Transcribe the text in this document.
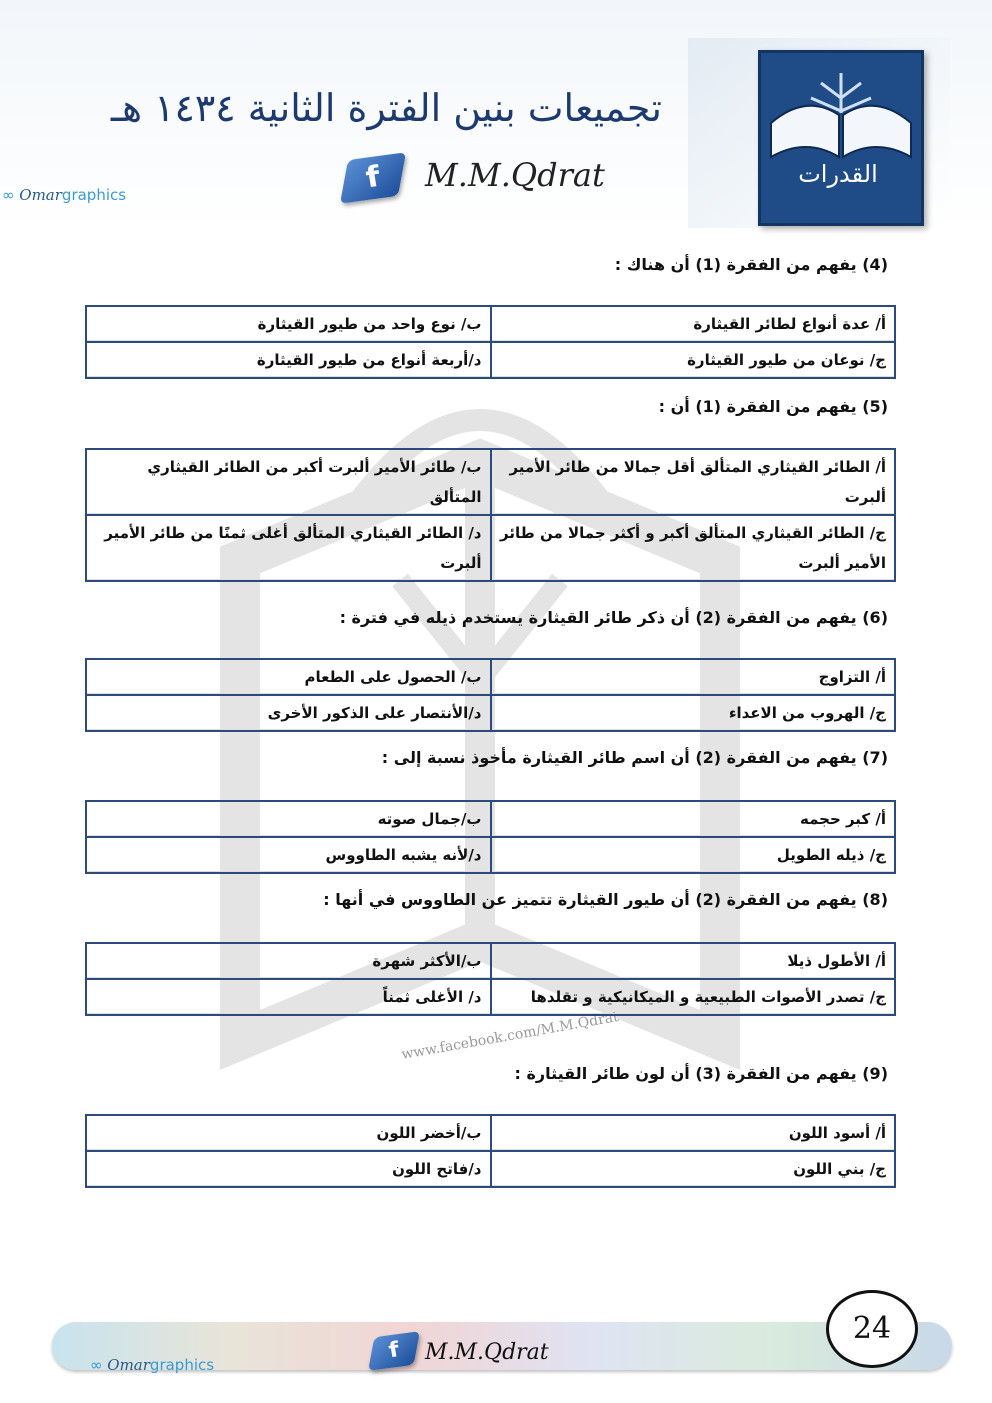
القدرات
تجميعات بنين الفترة الثانية ١٤٣٤ هـ
f	M.M.Qdrat
∞ Omargraphics
www.facebook.com/M.M.Qdrat
(4) يفهم من الفقرة (1) أن هناك :
أ/ عدة أنواع لطائر القيثارة	ب/ نوع واحد من طيور القيثارة
ج/ نوعان من طيور القيثارة	د/أربعة أنواع من طيور القيثارة
(5) يفهم من الفقرة (1) أن :
أ/ الطائر القيثاري المتألق أقل جمالا من طائر الأمير ألبرت	ب/ طائر الأمير ألبرت أكبر من الطائر القيثاري المتألق
ج/ الطائر القيثاري المتألق أكبر و أكثر جمالا من طائر الأمير ألبرت	د/ الطائر القيثاري المتألق أغلى ثمنًا من طائر الأمير ألبرت
(6) يفهم من الفقرة (2) أن ذكر طائر القيثارة يستخدم ذيله في فترة :
أ/ التزاوج	ب/ الحصول على الطعام
ج/ الهروب من الاعداء	د/الأنتصار على الذكور الأخرى
(7) يفهم من الفقرة (2) أن اسم طائر القيثارة مأخوذ نسبة إلى :
أ/ كبر حجمه	ب/جمال صوته
ج/ ذيله الطويل	د/لأنه يشبه الطاووس
(8) يفهم من الفقرة (2) أن طيور القيثارة تتميز عن الطاووس في أنها :
أ/ الأطول ذيلا	ب/الأكثر شهرة
ج/ تصدر الأصوات الطبيعية و الميكانيكية و تقلدها	د/ الأغلى ثمناً
(9) يفهم من الفقرة (3) أن لون طائر القيثارة :
أ/ أسود اللون	ب/أخضر اللون
ج/ بني اللون	د/فاتح اللون
f	M.M.Qdrat
∞ Omargraphics
24
